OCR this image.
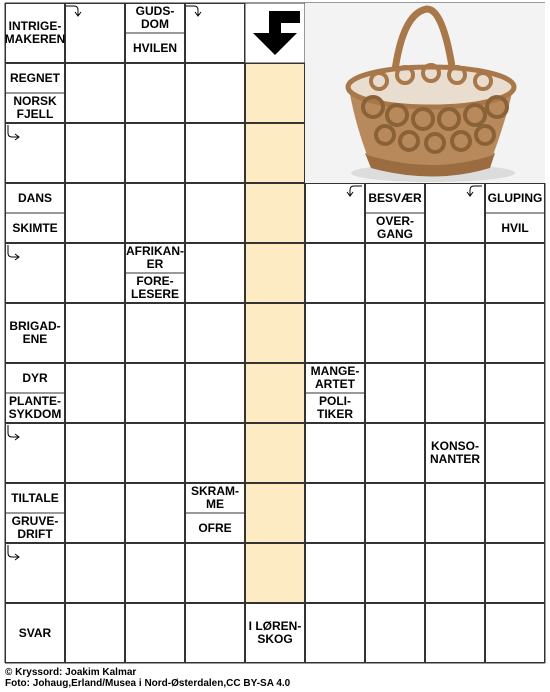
INTRIGE-
MAKEREN
GUDS-
DOM
HVILEN
REGNET
NORSK
FJELL
DANS
SKIMTE
BESVÆR
OVER-
GANG
GLUPING
HVIL
AFRIKAN-
ER
FORE-
LESERE
BRIGAD-
ENE
DYR
PLANTE-
SYKDOM
MANGE-
ARTET
POLI-
TIKER
KONSO-
NANTER
TILTALE
GRUVE-
DRIFT
SKRAM-
ME
OFRE
SVAR	I LØREN-
SKOG
© Kryssord: Joakim Kalmar
Foto: Johaug,Erland/Musea i Nord-Østerdalen,CC BY-SA 4.0
